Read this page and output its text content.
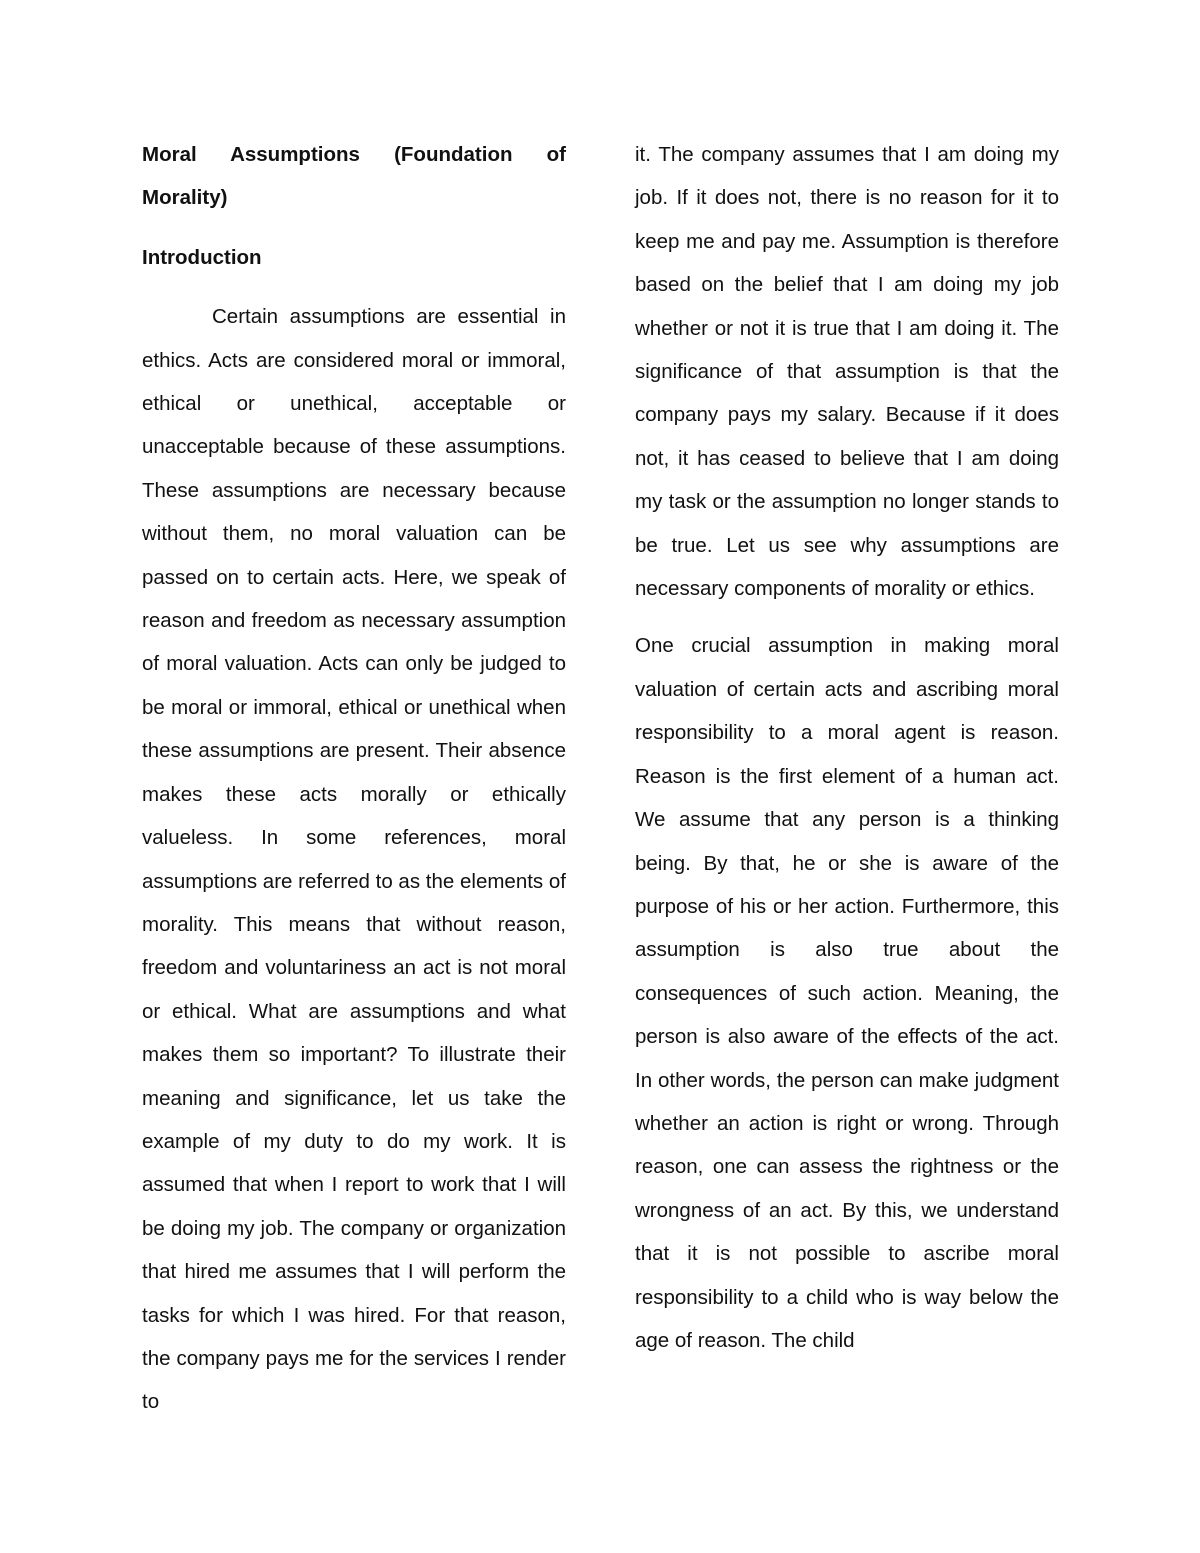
Moral Assumptions (Foundation of Morality)

Introduction

Certain assumptions are essential in ethics. Acts are considered moral or immoral, ethical or unethical, acceptable or unacceptable because of these assumptions. These assumptions are necessary because without them, no moral valuation can be passed on to certain acts. Here, we speak of reason and freedom as necessary assumption of moral valuation. Acts can only be judged to be moral or immoral, ethical or unethical when these assumptions are present. Their absence makes these acts morally or ethically valueless. In some references, moral assumptions are referred to as the elements of morality. This means that without reason, freedom and voluntariness an act is not moral or ethical. What are assumptions and what makes them so important? To illustrate their meaning and significance, let us take the example of my duty to do my work. It is assumed that when I report to work that I will be doing my job. The company or organization that hired me assumes that I will perform the tasks for which I was hired. For that reason, the company pays me for the services I render to

it. The company assumes that I am doing my job. If it does not, there is no reason for it to keep me and pay me. Assumption is therefore based on the belief that I am doing my job whether or not it is true that I am doing it. The significance of that assumption is that the company pays my salary. Because if it does not, it has ceased to believe that I am doing my task or the assumption no longer stands to be true. Let us see why assumptions are necessary components of morality or ethics.

One crucial assumption in making moral valuation of certain acts and ascribing moral responsibility to a moral agent is reason. Reason is the first element of a human act. We assume that any person is a thinking being. By that, he or she is aware of the purpose of his or her action. Furthermore, this assumption is also true about the consequences of such action. Meaning, the person is also aware of the effects of the act. In other words, the person can make judgment whether an action is right or wrong. Through reason, one can assess the rightness or the wrongness of an act. By this, we understand that it is not possible to ascribe moral responsibility to a child who is way below the age of reason. The child
